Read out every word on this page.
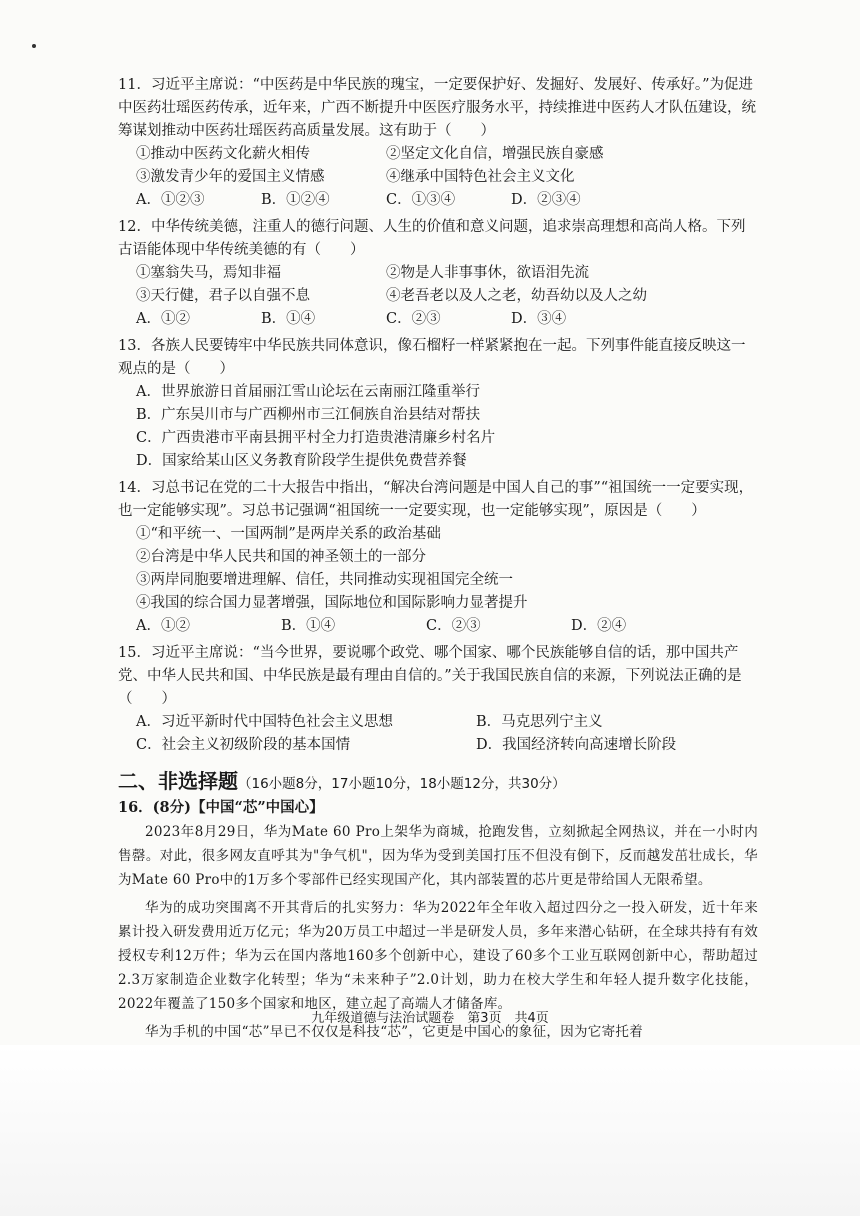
11．习近平主席说：“中医药是中华民族的瑰宝，一定要保护好、发掘好、发展好、传承好。”为促进中医药壮瑶医药传承，近年来，广西不断提升中医医疗服务水平，持续推进中医药人才队伍建设，统筹谋划推动中医药壮瑶医药高质量发展。这有助于（　　）
①推动中医药文化薪火相传	②坚定文化自信，增强民族自豪感
③激发青少年的爱国主义情感	④继承中国特色社会主义文化
A．①②③	B．①②④	C．①③④	D．②③④
12．中华传统美德，注重人的德行问题、人生的价值和意义问题，追求崇高理想和高尚人格。下列古语能体现中华传统美德的有（　　）
①塞翁失马，焉知非福	②物是人非事事休，欲语泪先流
③天行健，君子以自强不息	④老吾老以及人之老，幼吾幼以及人之幼
A．①②	B．①④	C．②③	D．③④
13．各族人民要铸牢中华民族共同体意识，像石榴籽一样紧紧抱在一起。下列事件能直接反映这一观点的是（　　）
A．世界旅游日首届丽江雪山论坛在云南丽江隆重举行
B．广东吴川市与广西柳州市三江侗族自治县结对帮扶
C．广西贵港市平南县拥平村全力打造贵港清廉乡村名片
D．国家给某山区义务教育阶段学生提供免费营养餐
14．习总书记在党的二十大报告中指出，“解决台湾问题是中国人自己的事”“祖国统一一定要实现，也一定能够实现”。习总书记强调“祖国统一一定要实现，也一定能够实现”，原因是（　　）
①“和平统一、一国两制”是两岸关系的政治基础
②台湾是中华人民共和国的神圣领土的一部分
③两岸同胞要增进理解、信任，共同推动实现祖国完全统一
④我国的综合国力显著增强，国际地位和国际影响力显著提升
A．①②	B．①④	C．②③	D．②④
15．习近平主席说：“当今世界，要说哪个政党、哪个国家、哪个民族能够自信的话，那中国共产党、中华人民共和国、中华民族是最有理由自信的。”关于我国民族自信的来源，下列说法正确的是（　　）
A．习近平新时代中国特色社会主义思想	B．马克思列宁主义
C．社会主义初级阶段的基本国情	D．我国经济转向高速增长阶段
二、非选择题（16小题8分，17小题10分，18小题12分，共30分）
16．(8分)【中国“芯”中国心】

2023年8月29日，华为Mate 60 Pro上架华为商城，抢跑发售，立刻掀起全网热议，并在一小时内售罄。对此，很多网友直呼其为"争气机"，因为华为受到美国打压不但没有倒下，反而越发茁壮成长，华为Mate 60 Pro中的1万多个零部件已经实现国产化，其内部装置的芯片更是带给国人无限希望。

华为的成功突围离不开其背后的扎实努力：华为2022年全年收入超过四分之一投入研发，近十年来累计投入研发费用近万亿元；华为20万员工中超过一半是研发人员，多年来潜心钻研，在全球共持有有效授权专利12万件；华为云在国内落地160多个创新中心，建设了60多个工业互联网创新中心，帮助超过2.3万家制造企业数字化转型；华为“未来种子”2.0计划，助力在校大学生和年轻人提升数字化技能，2022年覆盖了150多个国家和地区，建立起了高端人才储备库。

华为手机的中国“芯”早已不仅仅是科技“芯”，它更是中国心的象征，因为它寄托着

九年级道德与法治试题卷　第3页　共4页
